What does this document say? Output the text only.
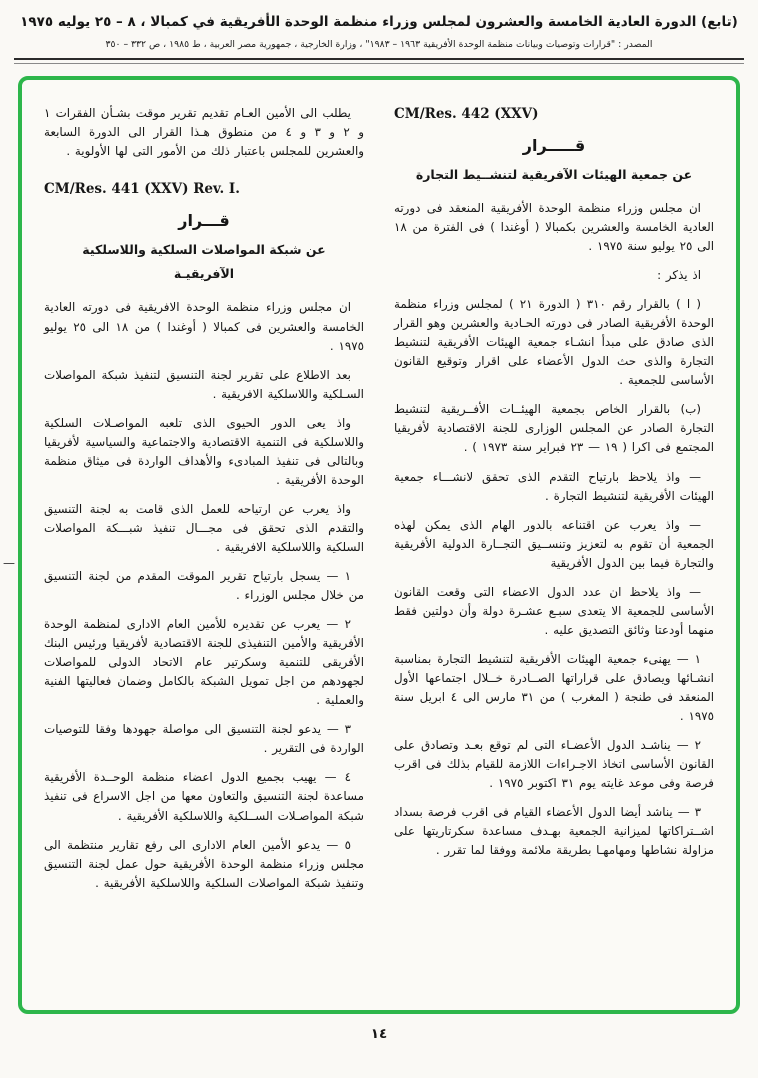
(تابع) الدورة العادية الخامسة والعشرون لمجلس وزراء منظمة الوحدة الأفريقية في كمبالا ، ٨ – ٢٥ يوليه ١٩٧٥
المصدر : "قرارات وتوصيات وبيانات منظمة الوحدة الأفريقية ١٩٦٣ – ١٩٨٣" ، وزارة الخارجية ، جمهورية مصر العربية ، ط ١٩٨٥ ، ص ٣٣٢ – ٣٥٠
—

يطلب الى الأمين العـام تقديم تقرير موقت بشـأن الفقرات ١ و ٢ و ٣ و ٤ من منطوق هـذا القرار الى الدورة السابعة والعشرين للمجلس باعتبار ذلك من الأمور التى لها الأولوية .

CM/Res. 441 (XXV) Rev. I.
قـــرار
عن شبكة المواصلات السلكية واللاسلكية
الآفريقيـة

ان مجلس وزراء منظمة الوحدة الافريقية فى دورته العادية الخامسة والعشرين فى كمبالا ( أوغندا ) من ١٨ الى ٢٥ يوليو ١٩٧٥ .

بعد الاطلاع على تقرير لجنة التنسيق لتنفيذ شبكة المواصلات السـلكية واللاسلكية الافريقية .

واذ يعى الدور الحيوى الذى تلعبه المواصـلات السلكية واللاسلكية فى التنمية الاقتصادية والاجتماعية والسياسية لأفريقيا وبالتالى فى تنفيذ المبادىء والأهداف الواردة فى ميثاق منظمة الوحدة الأفريقية .

واذ يعرب عن ارتياحه للعمل الذى قامت به لجنة التنسيق والتقدم الذى تحقق فى مجـــال تنفيذ شبـــكة المواصلات السلكية واللاسلكية الافريقية .

١ — يسجل بارتياح تقرير الموقت المقدم من لجنة التنسيق من خلال مجلس الوزراء .

٢ — يعرب عن تقديره للأمين العام الادارى لمنظمة الوحدة الأفريقية والأمين التنفيذى للجنة الاقتصادية لأفريقيا ورئيس البنك الأفريقى للتنمية وسكرتير عام الاتحاد الدولى للمواصلات لجهودهم من اجل تمويل الشبكة بالكامل وضمان فعاليتها الفنية والعملية .

٣ — يدعو لجنة التنسيق الى مواصلة جهودها وفقا للتوصيات الواردة فى التقرير .

٤ — يهيب بجميع الدول اعضاء منظمة الوحــدة الأفريقية مساعدة لجنة التنسيق والتعاون معها من اجل الاسراع فى تنفيذ شبكة المواصـلات الســلكية واللاسلكية الأفريقية .

٥ — يدعو الأمين العام الادارى الى رفع تقارير منتظمة الى مجلس وزراء منظمة الوحدة الأفريقية حول عمل لجنة التنسيق وتنفيذ شبكة المواصلات السلكية واللاسلكية الأفريقية .

CM/Res. 442 (XXV)
قـــــرار
عن جمعية الهيئات الآفريقية لتنشــيط التجارة

ان مجلس وزراء منظمة الوحدة الأفريقية المنعقد فى دورته العادية الخامسة والعشرين بكمبالا ( أوغندا ) فى الفترة من ١٨ الى ٢٥ يوليو سنة ١٩٧٥ .

اذ يذكر :

( ا ) بالقرار رقم ٣١٠ ( الدورة ٢١ ) لمجلس وزراء منظمة الوحدة الأفريقية الصادر فى دورته الحـادية والعشرين وهو القرار الذى صادق على مبدأ انشـاء جمعية الهيئات الأفريقية لتنشيط التجارة والذى حث الدول الأعضاء على اقرار وتوقيع القانون الأساسى للجمعية .

(ب) بالقرار الخاص بجمعية الهيئــات الأفــريقية لتنشيط التجارة الصادر عن المجلس الوزارى للجنة الاقتصادية لأفريقيا المجتمع فى اكرا ( ١٩ — ٢٣ فبراير سنة ١٩٧٣ ) .

— واذ يلاحظ بارتياح التقدم الذى تحقق لانشـــاء جمعية الهيئات الأفريقية لتنشيط التجارة .

— واذ يعرب عن اقتناعه بالدور الهام الذى يمكن لهذه الجمعية أن تقوم به لتعزيز وتنســيق التجــارة الدولية الأفريقية والتجارة فيما بين الدول الأفريقية

— واذ يلاحظ ان عدد الدول الاعضاء التى وقعت القانون الأساسى للجمعية الا يتعدى سبـع عشـرة دولة وأن دولتين فقط منهما أودعتا وثائق التصديق عليه .

١ — يهنىء جمعية الهيئات الأفريقية لتنشيط التجارة بمناسبة انشـائها ويصادق على قراراتها الصــادرة خــلال اجتماعها الأول المنعقد فى طنجة ( المغرب ) من ٣١ مارس الى ٤ ابريل سنة ١٩٧٥ .

٢ — يناشـد الدول الأعضـاء التى لم توقع بعـد وتصادق على القانون الأساسى اتخاذ الاجـراءات اللازمة للقيام بذلك فى اقرب فرصة وفى موعد غايته يوم ٣١ اكتوبر ١٩٧٥ .

٣ — يناشد أيضا الدول الأعضاء القيام فى اقرب فرصة بسداد اشــتراكاتها لميزانية الجمعية بهـدف مساعدة سكرتاريتها على مزاولة نشاطها ومهامهـا بطريقة ملائمة ووفقا لما تقرر .

١٤
